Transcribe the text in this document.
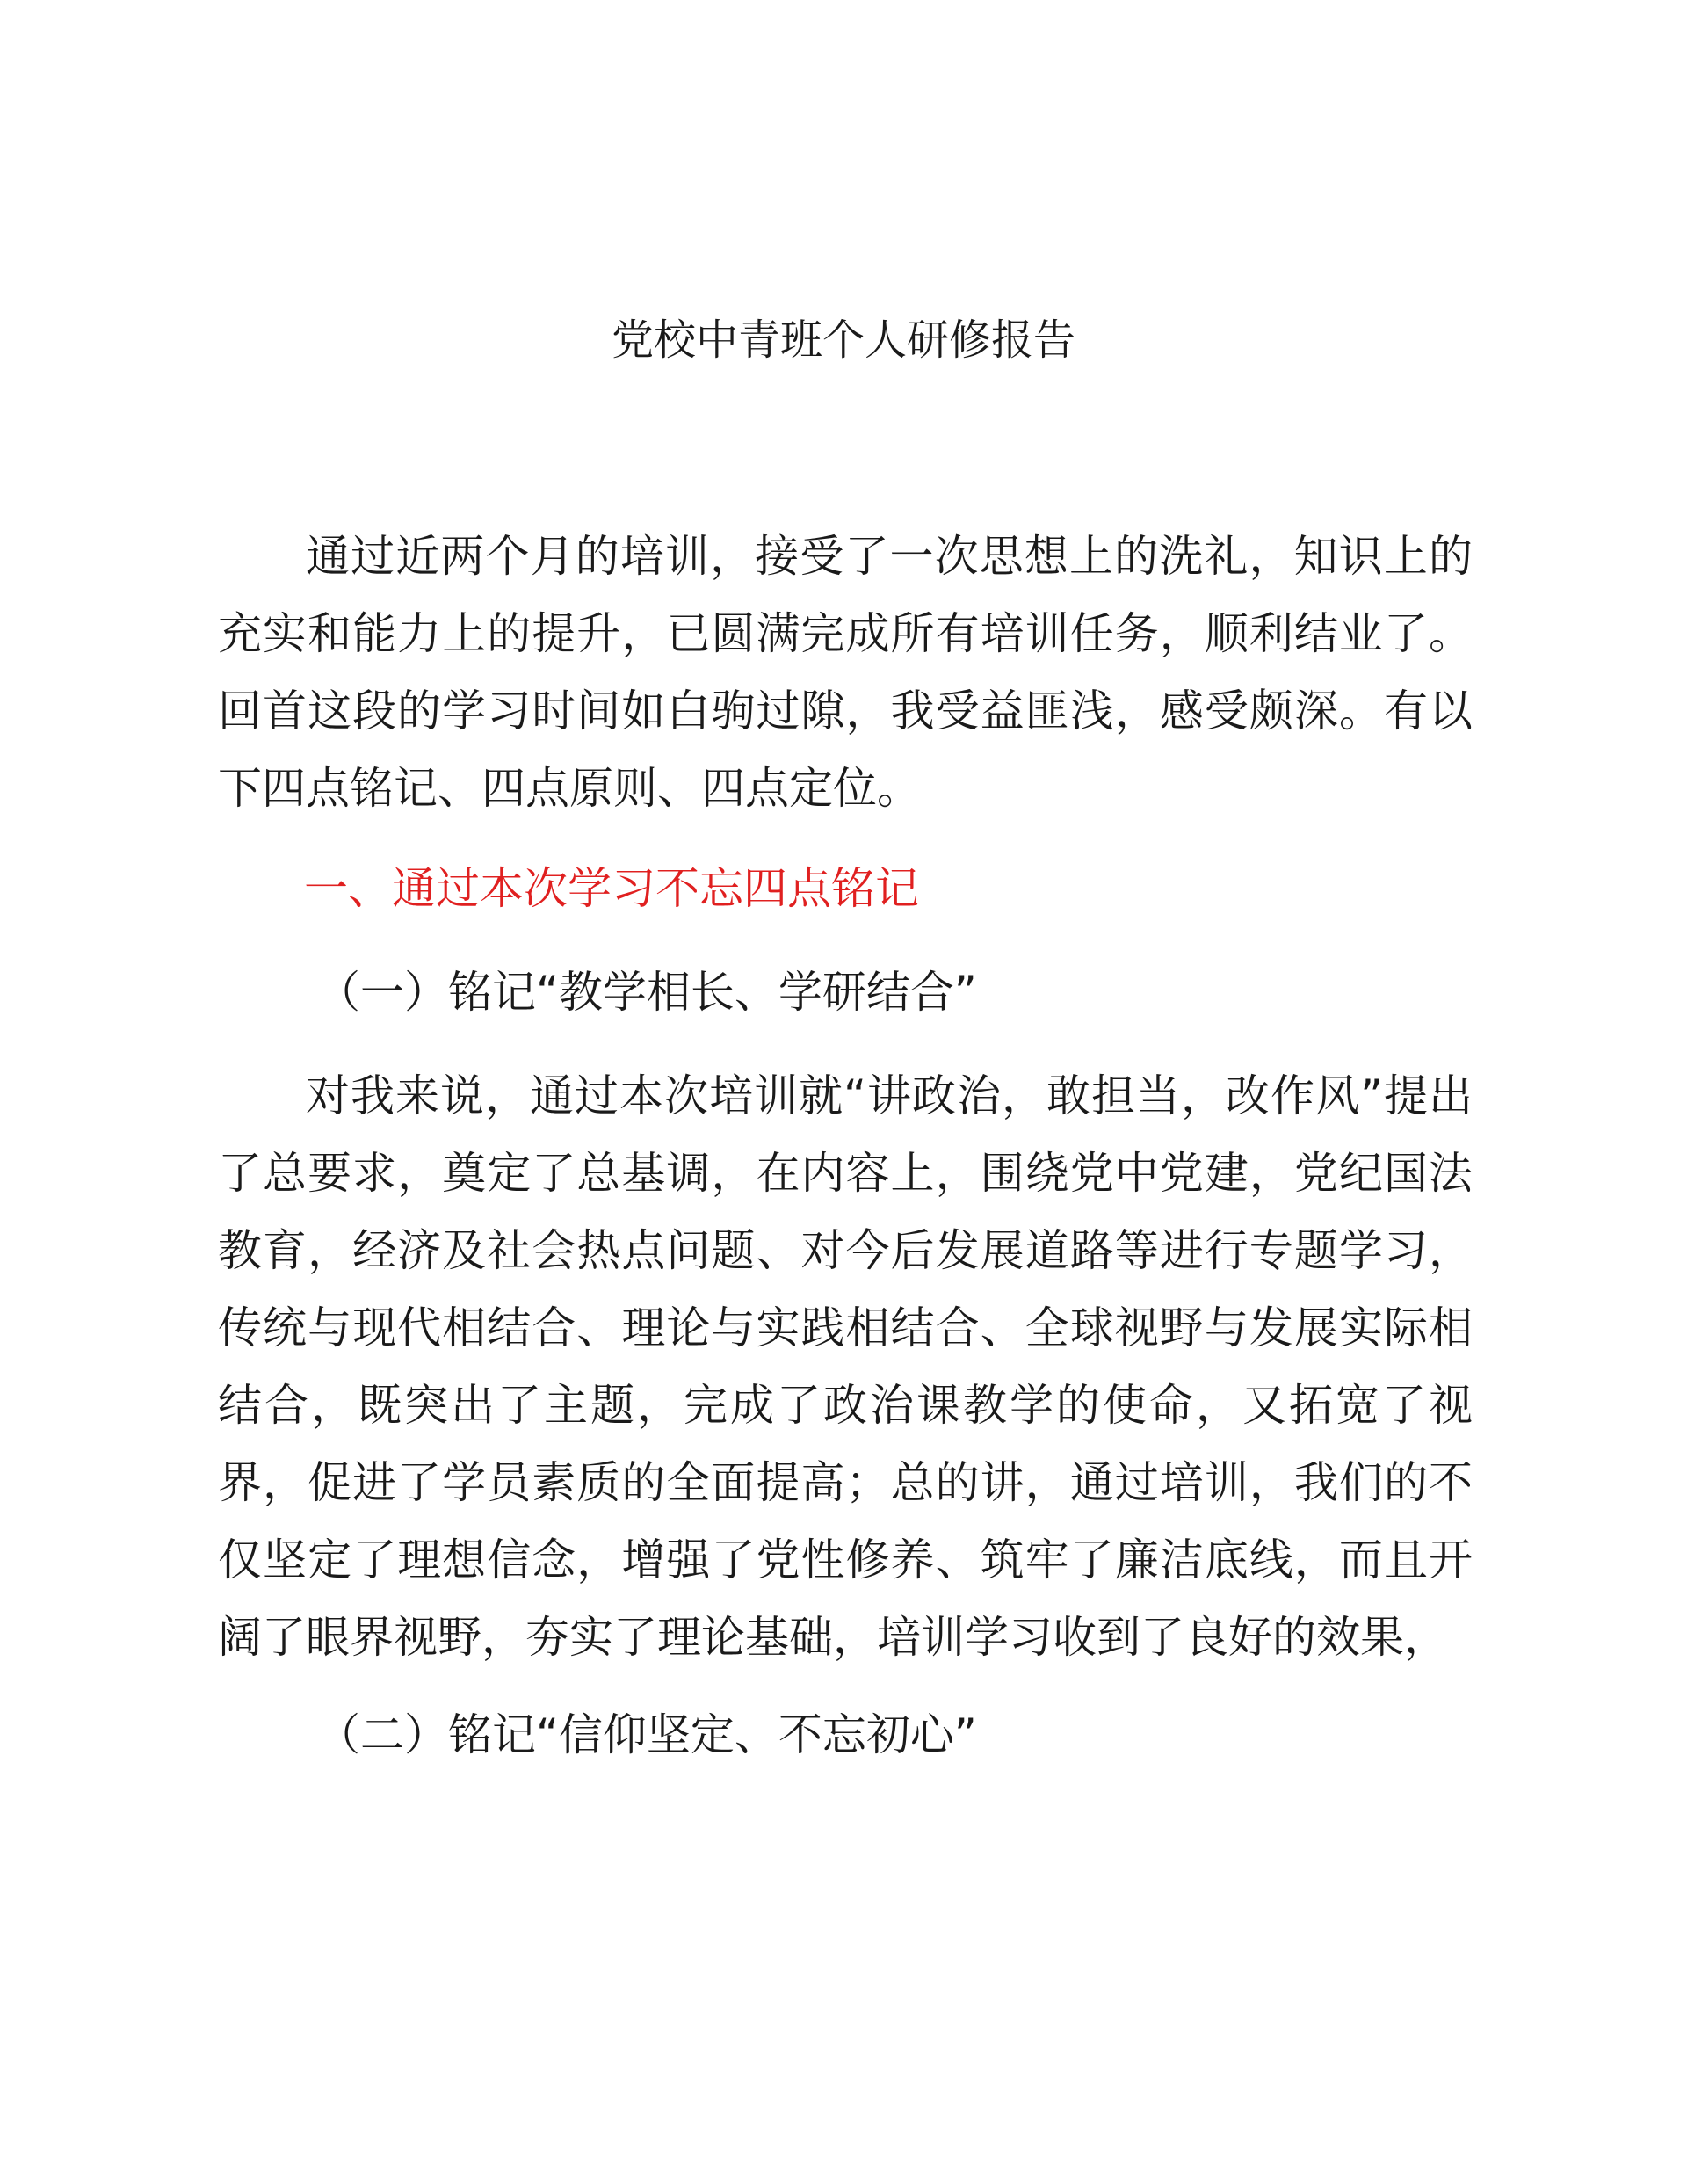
党校中青班个人研修报告

通过近两个月的培训，接受了一次思想上的洗礼，知识上的充实和能力上的提升，已圆满完成所有培训任务，顺利结业了。回首这段的学习时间如白驹过隙，我受益匪浅，感受颇深。有以下四点铭记、四点原则、四点定位。

一、通过本次学习不忘四点铭记
（一）铭记“教学相长、学研结合”

对我来说，通过本次培训就“讲政治，敢担当，改作风”提出了总要求，奠定了总基调，在内容上，围绕党中党建，党纪国法教育，经济及社会热点问题、对今后发展道路等进行专题学习，传统与现代相结合、理论与实践相结合、全球视野与发展实际相结合，既突出了主题，完成了政治课教学的使命，又拓宽了视界，促进了学员素质的全面提高；总的讲，通过培训，我们的不仅坚定了理想信念，增强了党性修养、筑牢了廉洁底线，而且开阔了眼界视野，夯实了理论基础，培训学习收到了良好的效果，

（二）铭记“信仰坚定、不忘初心”
